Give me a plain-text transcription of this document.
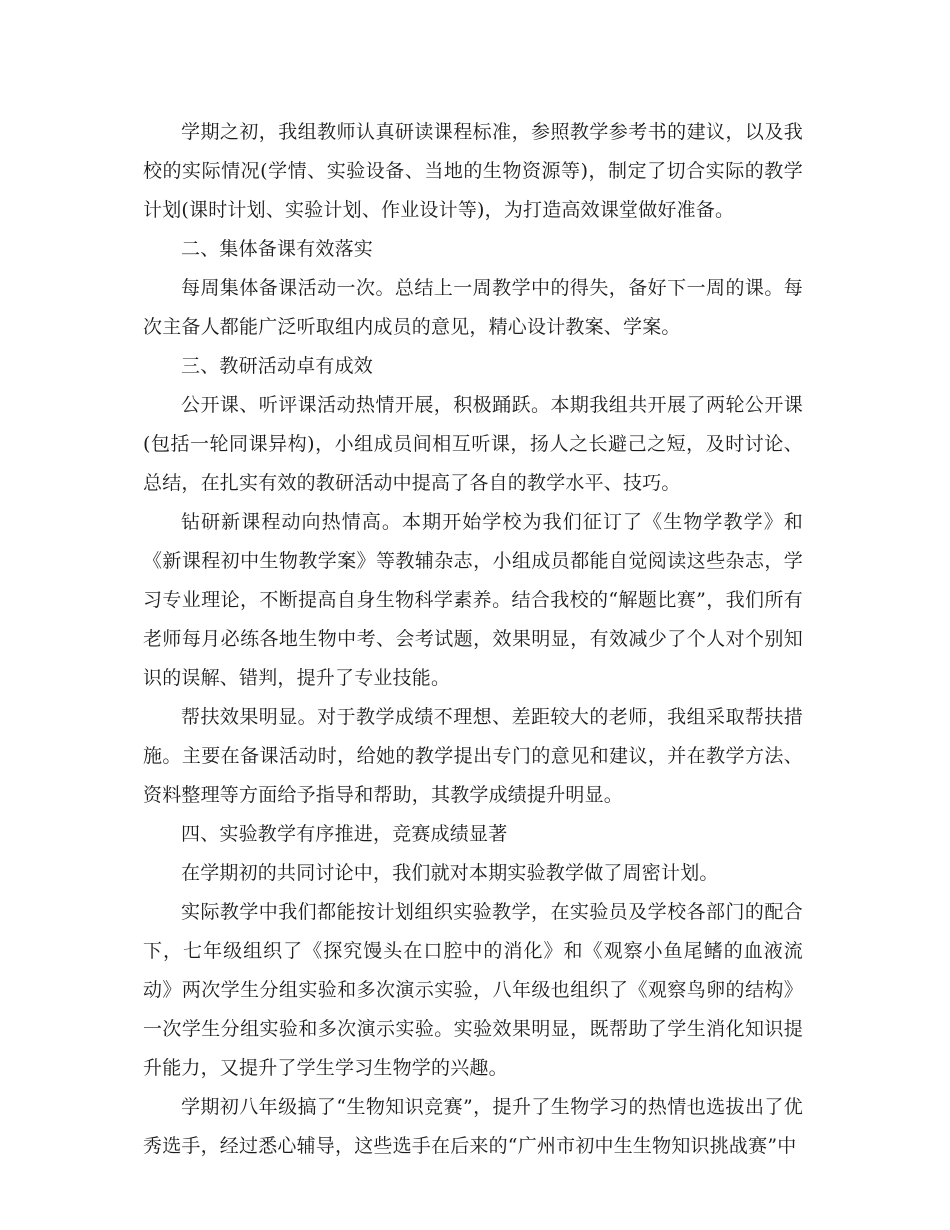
学期之初，我组教师认真研读课程标准，参照教学参考书的建议，以及我校的实际情况(学情、实验设备、当地的生物资源等)，制定了切合实际的教学计划(课时计划、实验计划、作业设计等)，为打造高效课堂做好准备。

二、集体备课有效落实

每周集体备课活动一次。总结上一周教学中的得失，备好下一周的课。每次主备人都能广泛听取组内成员的意见，精心设计教案、学案。

三、教研活动卓有成效

公开课、听评课活动热情开展，积极踊跃。本期我组共开展了两轮公开课(包括一轮同课异构)，小组成员间相互听课，扬人之长避己之短，及时讨论、总结，在扎实有效的教研活动中提高了各自的教学水平、技巧。

钻研新课程动向热情高。本期开始学校为我们征订了《生物学教学》和《新课程初中生物教学案》等教辅杂志，小组成员都能自觉阅读这些杂志，学习专业理论，不断提高自身生物科学素养。结合我校的“解题比赛”，我们所有老师每月必练各地生物中考、会考试题，效果明显，有效减少了个人对个别知识的误解、错判，提升了专业技能。

帮扶效果明显。对于教学成绩不理想、差距较大的老师，我组采取帮扶措施。主要在备课活动时，给她的教学提出专门的意见和建议，并在教学方法、资料整理等方面给予指导和帮助，其教学成绩提升明显。

四、实验教学有序推进，竞赛成绩显著

在学期初的共同讨论中，我们就对本期实验教学做了周密计划。

实际教学中我们都能按计划组织实验教学，在实验员及学校各部门的配合下，七年级组织了《探究馒头在口腔中的消化》和《观察小鱼尾鳍的血液流动》两次学生分组实验和多次演示实验，八年级也组织了《观察鸟卵的结构》一次学生分组实验和多次演示实验。实验效果明显，既帮助了学生消化知识提升能力，又提升了学生学习生物学的兴趣。

学期初八年级搞了“生物知识竞赛”，提升了生物学习的热情也选拔出了优秀选手，经过悉心辅导，这些选手在后来的“广州市初中生生物知识挑战赛”中
